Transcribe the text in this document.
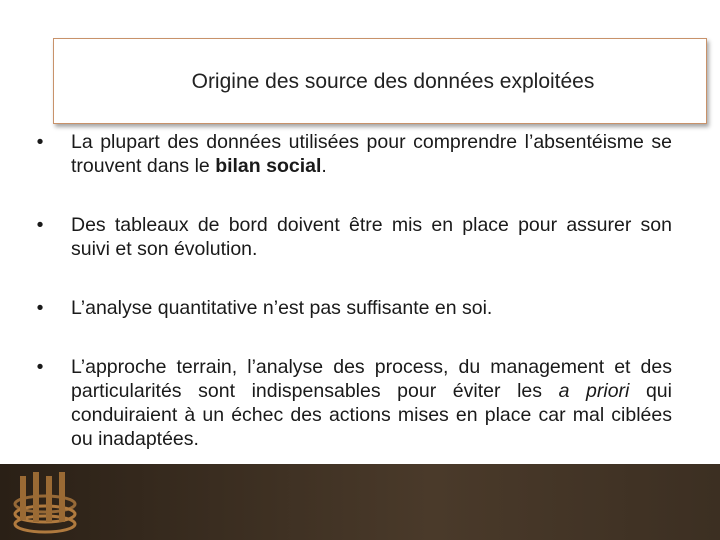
Origine des source des données exploitées
•	La plupart des données utilisées pour comprendre l’absentéisme se trouvent dans le bilan social.
•	Des tableaux de bord doivent être mis en place pour assurer son suivi et son évolution.
•	L’analyse quantitative n’est pas suffisante en soi.
•	L’approche terrain, l’analyse des process, du management et des particularités sont indispensables pour éviter les a priori qui conduiraient à un échec des actions mises en place car mal ciblées ou inadaptées.
